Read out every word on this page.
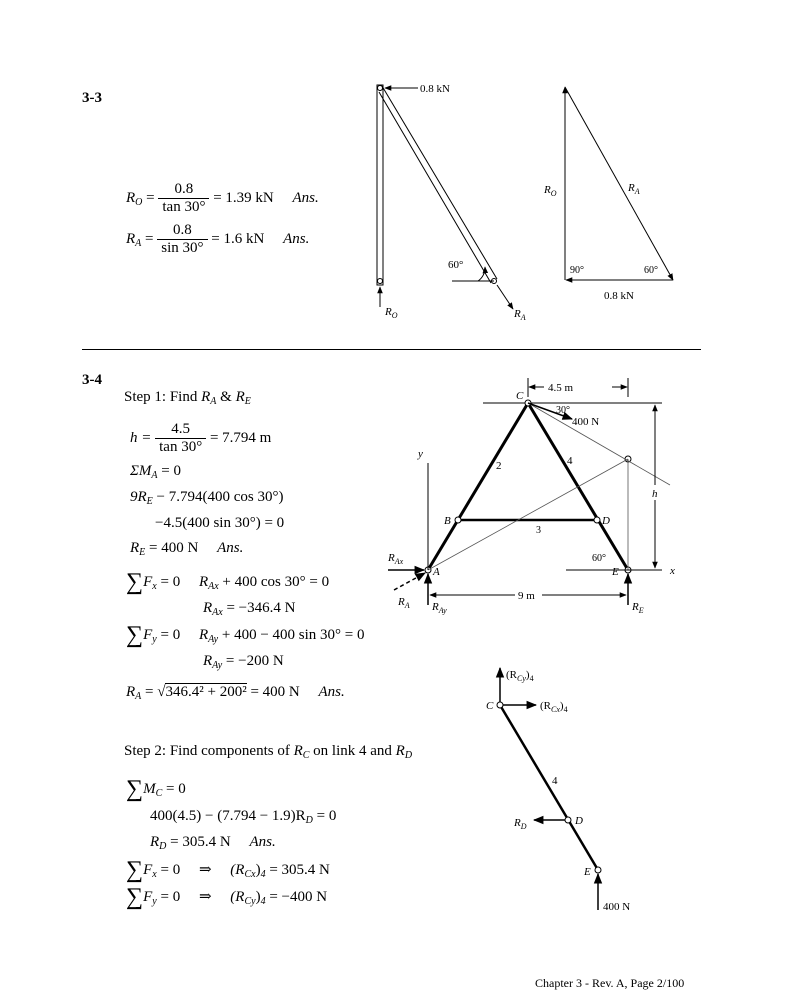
3-3
$R_O = \frac{0.8}{\tan 30^\circ} = 1.39$ kN Ans.
$R_A = \frac{0.8}{\sin 30^\circ} = 1.6$ kN Ans.
0.8 kN
60°
$R_O$	$R_A$
$R_O$	$R_A$
90°	60°
0.8 kN
3-4
Step 1: Find $R_A$ & $R_E$
$h = \frac{4.5}{\tan 30^\circ} = 7.794$ m
$\Sigma M_A = 0$
$9R_E - 7.794(400$ cos 30°)
−4.5(400 sin 30°) = 0
$R_E = 400$ N Ans.
$\sum F_x = 0$ $R_{Ax} + 400$ cos 30° = 0
$R_{Ax} = -346.4$ N
$\sum F_y = 0$ $R_{Ay} + 400 - 400$ sin 30° = 0
$R_{Ay} = -200$ N
$R_A = √346.4^2 + 200^2 = 400$ N Ans.
Step 2: Find components of $R_C$ on link 4 and $R_D$
$\sum M_C = 0$
$400(4.5) - (7.794 - 1.9)R_D = 0$
$R_D = 305.4$ N Ans.
$\sum F_x = 0$ ⇒ $(R_{Cx})_4 = 305.4$ N
$\sum F_y = 0$ ⇒ $(R_{Cy})_4 = -400$ N
4.5 m
400 N
30°
h
y
x
60°
9 m
C
B	D
A	E
2	4
3
$R_{Ax}$
$R_A$ $R_{Ay}$	$R_E$
$(R_{Cy})_4$
$(R_{Cx})_4$
C
D
E
4
$R_D$
400 N
Chapter 3 - Rev. A, Page 2/100
